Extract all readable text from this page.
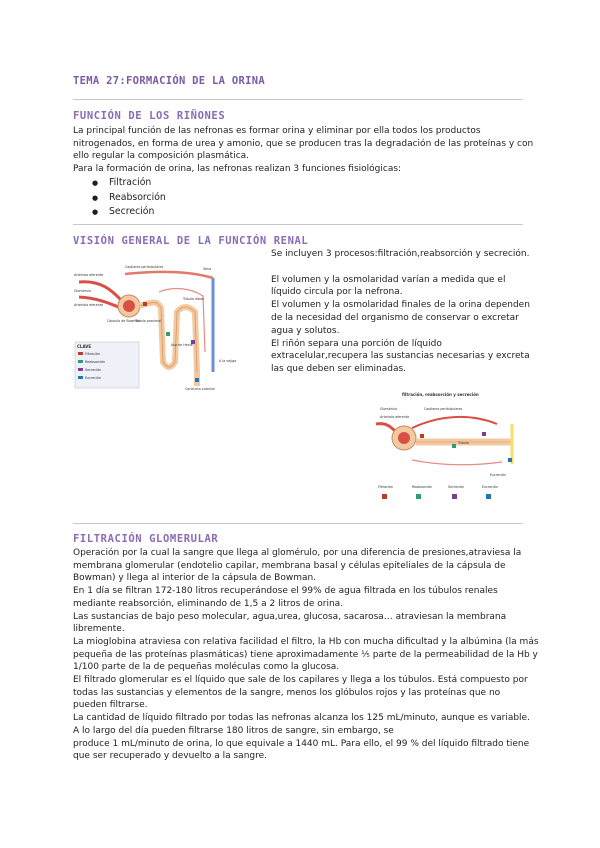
TEMA 27:FORMACIÓN DE LA ORINA
FUNCIÓN DE LOS RIÑONES
La principal función de las nefronas es formar orina y eliminar por ella todos los productos
nitrogenados, en forma de urea y amonio, que se producen tras la degradación de las proteínas y con
ello regular la composición plasmática.
Para la formación de orina, las nefronas realizan 3 funciones fisiológicas:
● Filtración
● Reabsorción
● Secreción
VISIÓN GENERAL DE LA FUNCIÓN RENAL
Se incluyen 3 procesos:filtración,reabsorción y secreción.
El volumen y la osmolaridad varían a medida que el
líquido circula por la nefrona.
El volumen y la osmolaridad finales de la orina dependen
de la necesidad del organismo de conservar o excretar
agua y solutos.
El riñón separa una porción de líquido
extracelular,recupera las sustancias necesarias y excreta
las que deben ser eliminadas.
Arteriola aferente
Glomérulo
Arteriola eferente
Capilares peritubulares	Vena
Cápsula de Bowman
Túbulo proximal
Asa de Henle
Túbulo distal
Conducto colector
A la vejiga
CLAVE
Filtración
Reabsorción
Secreción
Excreción
filtración, reabsorción y secreción
Glomérulo
Arteriola aferente
Capilares peritubulares
Túbulo
Excreción
Filtración	Reabsorción	Secreción	Excreción
FILTRACIÓN GLOMERULAR
Operación por la cual la sangre que llega al glomérulo, por una diferencia de presiones,atraviesa la
membrana glomerular (endotelio capilar, membrana basal y células epiteliales de la cápsula de
Bowman) y llega al interior de la cápsula de Bowman.
En 1 día se filtran 172-180 litros recuperándose el 99% de agua filtrada en los túbulos renales
mediante reabsorción, eliminando de 1,5 a 2 litros de orina.
Las sustancias de bajo peso molecular, agua,urea, glucosa, sacarosa… atraviesan la membrana
libremente.
La mioglobina atraviesa con relativa facilidad el filtro, la Hb con mucha dificultad y la albúmina (la más
pequeña de las proteínas plasmáticas) tiene aproximadamente ⅕ parte de la permeabilidad de la Hb y
1/100 parte de la de pequeñas moléculas como la glucosa.
El filtrado glomerular es el líquido que sale de los capilares y llega a los túbulos. Está compuesto por
todas las sustancias y elementos de la sangre, menos los glóbulos rojos y las proteínas que no
pueden filtrarse.
La cantidad de líquido filtrado por todas las nefronas alcanza los 125 mL/minuto, aunque es variable.
A lo largo del día pueden filtrarse 180 litros de sangre, sin embargo, se
produce 1 mL/minuto de orina, lo que equivale a 1440 mL. Para ello, el 99 % del líquido filtrado tiene
que ser recuperado y devuelto a la sangre.
